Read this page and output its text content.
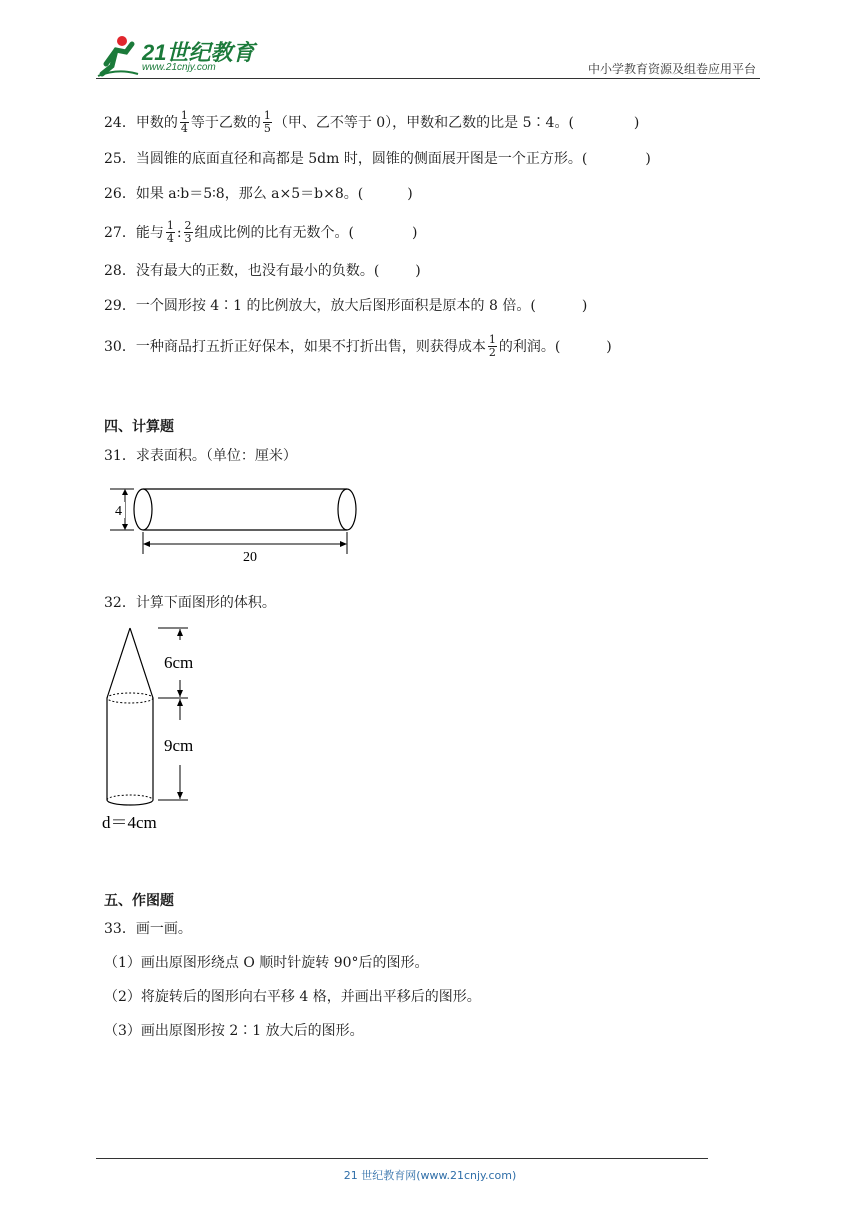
21世纪教育
www.21cnjy.com	中小学教育资源及组卷应用平台
24． 甲数的 $\frac{1}{4}$ 等于乙数的 $\frac{1}{5}$ （甲、乙不等于 0），甲数和乙数的比是 5∶4。(	)
25． 当圆锥的底面直径和高都是 5dm 时，圆锥的侧面展开图是一个正方形。(	)
26． 如果 a∶b＝5∶8，那么 a×5＝b×8。(	)
27． 能与 $\frac{1}{4}$ : $\frac{2}{3}$ 组成比例的比有无数个。(	)
28． 没有最大的正数，也没有最小的负数。(	)
29． 一个圆形按 4∶1 的比例放大，放大后图形面积是原本的 8 倍。(	)
30． 一种商品打五折正好保本，如果不打折出售，则获得成本 $\frac{1}{2}$ 的利润。(	)
四、计算题
31．求表面积。（单位：厘米）
4
20
32．计算下面图形的体积。
6cm
9cm
d＝4cm
五、作图题
33．画一画。
（1）画出原图形绕点 O 顺时针旋转 90°后的图形。
（2）将旋转后的图形向右平移 4 格，并画出平移后的图形。
（3）画出原图形按 2∶1 放大后的图形。
21 世纪教育网(www.21cnjy.com)
